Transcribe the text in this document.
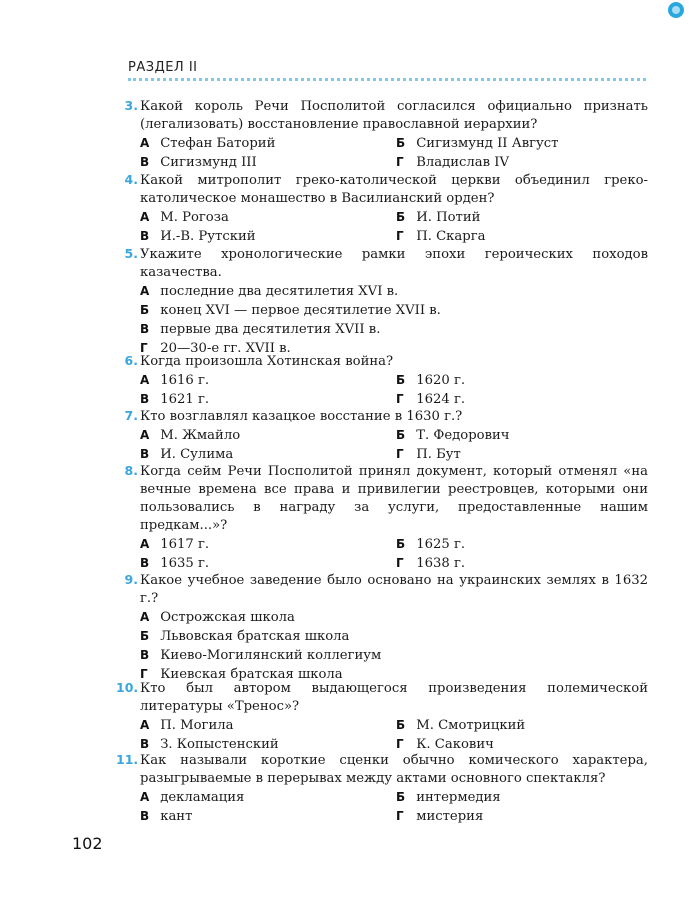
РАЗДЕЛ II
3. Какой король Речи Посполитой согласился официально признать (легализовать) восстановление православной иерархии?
А Стефан Баторий	Б Сигизмунд II Август
В Сигизмунд III	Г Владислав IV
4. Какой митрополит греко-католической церкви объединил греко-католическое монашество в Василианский орден?
А М. Рогоза	Б И. Потий
В И.-В. Рутский	Г П. Скарга
5. Укажите хронологические рамки эпохи героических походов казачества.
А последние два десятилетия XVI в.
Б конец XVI — первое десятилетие XVII в.
В первые два десятилетия XVII в.
Г 20—30-е гг. XVII в.
6. Когда произошла Хотинская война?
А 1616 г.	Б 1620 г.
В 1621 г.	Г 1624 г.
7. Кто возглавлял казацкое восстание в 1630 г.?
А М. Жмайло	Б Т. Федорович
В И. Сулима	Г П. Бут
8. Когда сейм Речи Посполитой принял документ, который отменял «на вечные времена все права и привилегии реестровцев, которыми они пользовались в награду за услуги, предоставленные нашим предкам...»?
А 1617 г.	Б 1625 г.
В 1635 г.	Г 1638 г.
9. Какое учебное заведение было основано на украинских землях в 1632 г.?
А Острожская школа
Б Львовская братская школа
В Киево-Могилянский коллегиум
Г Киевская братская школа
10. Кто был автором выдающегося произведения полемической литературы «Тренос»?
А П. Могила	Б М. Смотрицкий
В З. Копыстенский	Г К. Сакович
11. Как называли короткие сценки обычно комического характера, разыгрываемые в перерывах между актами основного спектакля?
А декламация	Б интермедия
В кант	Г мистерия
102
